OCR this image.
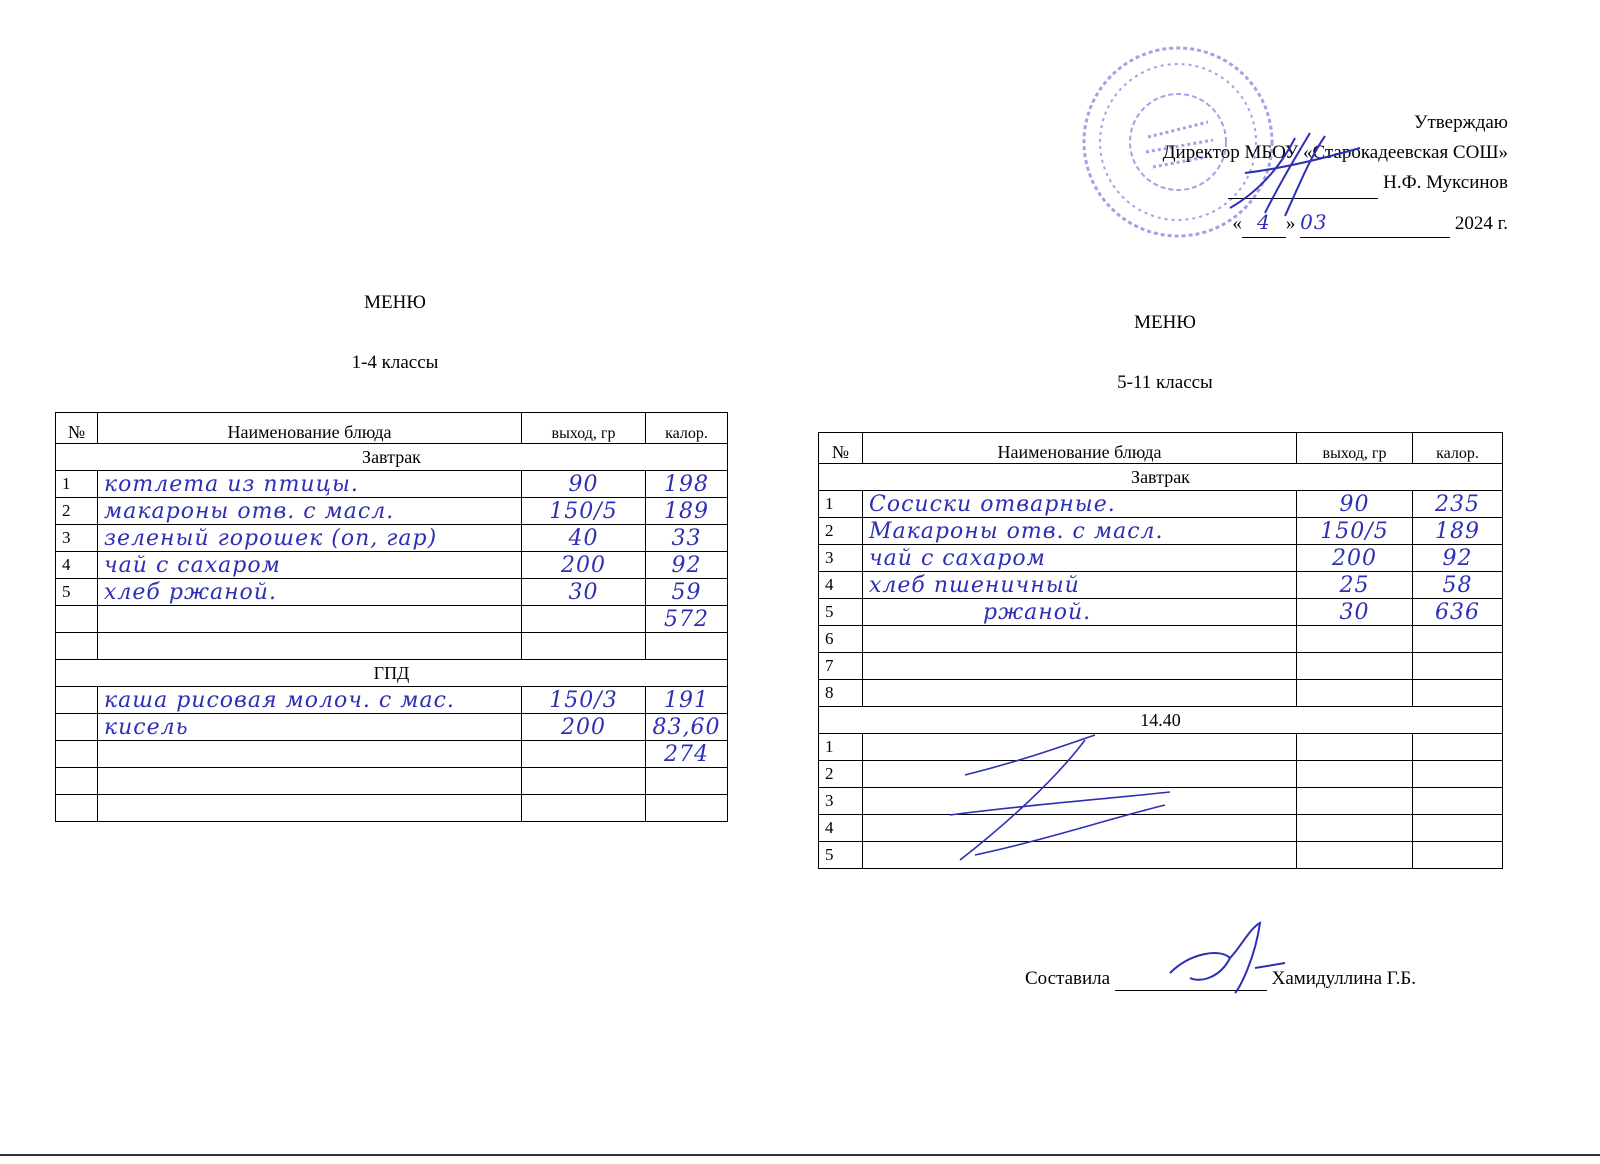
Утверждаю
Директор МБОУ «Старокадеевская СОШ»
Н.Ф. Муксинов
« 4 » 03	2024 г.
МЕНЮ
1-4 классы
№	Наименование блюда	выход, гр	калор.
Завтрак			
1	котлета из птицы.	90	198
2	макароны отв. с масл.	150/5	189
3	зеленый горошек (оп, гар)	40	33
4	чай с сахаром	200	92
5	хлеб ржаной.	30	59
			572

ГПД			
	каша рисовая молоч. с мас.	150/3	191
	кисель	200	83,60
			274

МЕНЮ
5-11 классы
№	Наименование блюда	выход, гр	калор.
Завтрак			
1	Сосиски отварные.	90	235
2	Макароны отв. с масл.	150/5	189
3	чай с сахаром	200	92
4	хлеб пшеничный	25	58
5	ржаной.	30	636
6			
7			
8			
14.40			
1			
2			
3			
4			
5			
Составила	Хамидуллина Г.Б.
